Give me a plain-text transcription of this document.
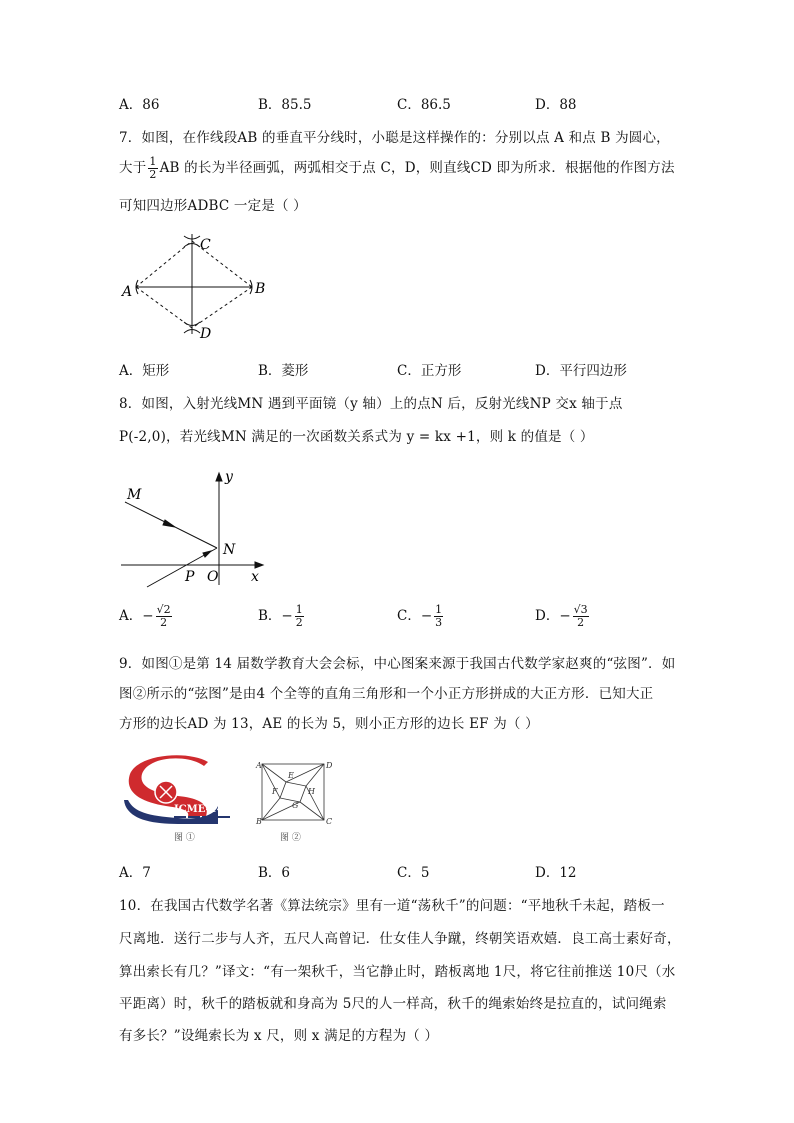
A．86	B．85.5	C．86.5	D．88
7．如图，在作线段AB 的垂直平分线时，小聪是这样操作的：分别以点 A 和点 B 为圆心，
大于 $\frac{1}{2}$ AB 的长为半径画弧，两弧相交于点 C，D，则直线CD 即为所求．根据他的作图方法
可知四边形ADBC 一定是（ ）
C
A	B
D
A．矩形	B．菱形	C．正方形	D．平行四边形
8．如图，入射光线MN 遇到平面镜（y 轴）上的点N 后，反射光线NP 交x 轴于点
P(-2,0)，若光线MN 满足的一次函数关系式为 y = kx +1，则 k 的值是（ ）
M
N
P O x
y
A．− $\frac{√2}{2}$	B．− $\frac{1}{2}$	C．− $\frac{1}{3}$	D．− $\frac{√3}{2}$
9．如图①是第 14 届数学教育大会会标，中心图案来源于我国古代数学家赵爽的“弦图”．如
图②所示的“弦图”是由4 个全等的直角三角形和一个小正方形拼成的大正方形．已知大正
方形的边长AD 为 13，AE 的长为 5，则小正方形的边长 EF 为（ ）
ICME-14
图 ①
A	D
B	C
E
F
G
H
图 ②
A．7	B．6	C．5	D．12
10．在我国古代数学名著《算法统宗》里有一道“荡秋千”的问题：“平地秋千未起，踏板一
尺离地．送行二步与人齐，五尺人高曾记．仕女佳人争蹴，终朝笑语欢嬉．良工高士素好奇，
算出索长有几？”译文：“有一架秋千，当它静止时，踏板离地 1尺，将它往前推送 10尺（水
平距离）时，秋千的踏板就和身高为 5尺的人一样高，秋千的绳索始终是拉直的，试问绳索
有多长？”设绳索长为 x 尺，则 x 满足的方程为（ ）
